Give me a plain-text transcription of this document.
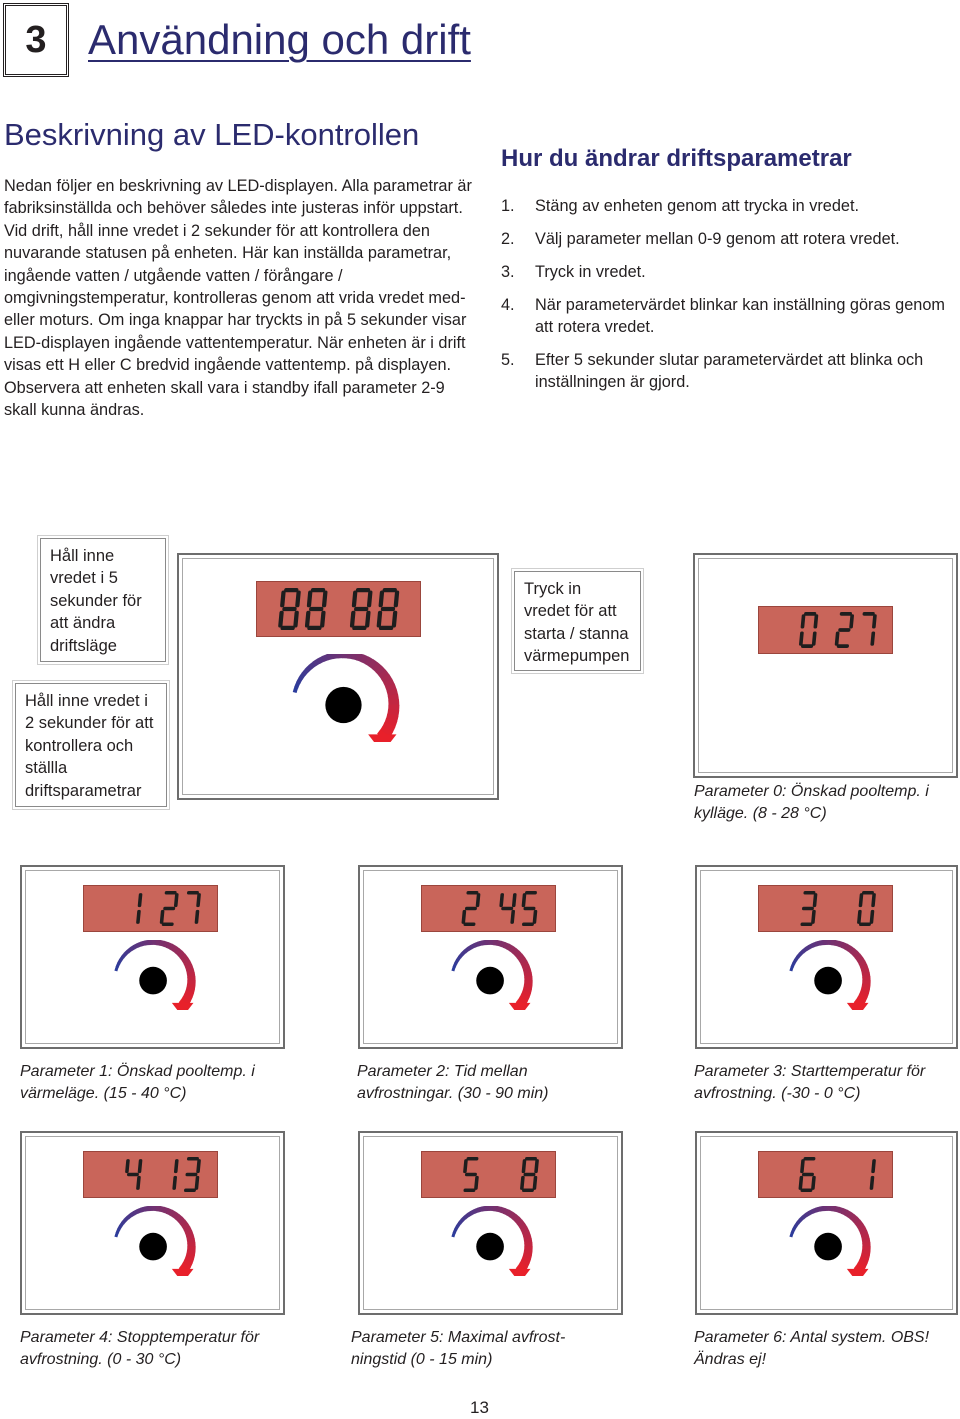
3 Användning och drift
Beskrivning av LED-kontrollen
Nedan följer en beskrivning av LED-displayen. Alla parametrar är fabriksinställda och behöver således inte justeras inför uppstart. Vid drift, håll inne vredet i 2 sekunder för att kontrollera den nuvarande statusen på enheten. Här kan inställda parametrar, ingående vatten / utgående vatten / förångare / omgivningstemperatur, kontrolleras genom att vrida vredet med- eller moturs. Om inga knappar har tryckts in på 5 sekunder visar LED-displayen ingående vattentemperatur. När enheten är i drift visas ett H eller C bredvid ingående vattentemp. på displayen. Observera att enheten skall vara i standby ifall parameter 2-9 skall kunna ändras.
Hur du ändrar driftsparametrar
1. Stäng av enheten genom att trycka in vredet.
2. Välj parameter mellan 0-9 genom att rotera vredet.
3. Tryck in vredet.
4. När parametervärdet blinkar kan inställning göras genom att rotera vredet.
5. Efter 5 sekunder slutar parametervärdet att blinka och inställningen är gjord.
Håll inne vredet i 5 sekunder för att ändra driftsläge
Håll inne vredet i 2 sekunder för att kontrollera och ställla driftsparametrar
Tryck in vredet för att starta / stanna värmepumpen
Parameter 0: Önskad pooltemp. i
kylläge. (8 - 28 °C)
Parameter 1: Önskad pooltemp. i
värmeläge. (15 - 40 °C)
Parameter 2: Tid mellan
avfrostningar. (30 - 90 min)
Parameter 3: Starttemperatur för
avfrostning. (-30 - 0 °C)
Parameter 4: Stopptemperatur för
avfrostning. (0 - 30 °C)
Parameter 5: Maximal avfrost-
ningstid (0 - 15 min)
Parameter 6: Antal system. OBS!
Ändras ej!
13
